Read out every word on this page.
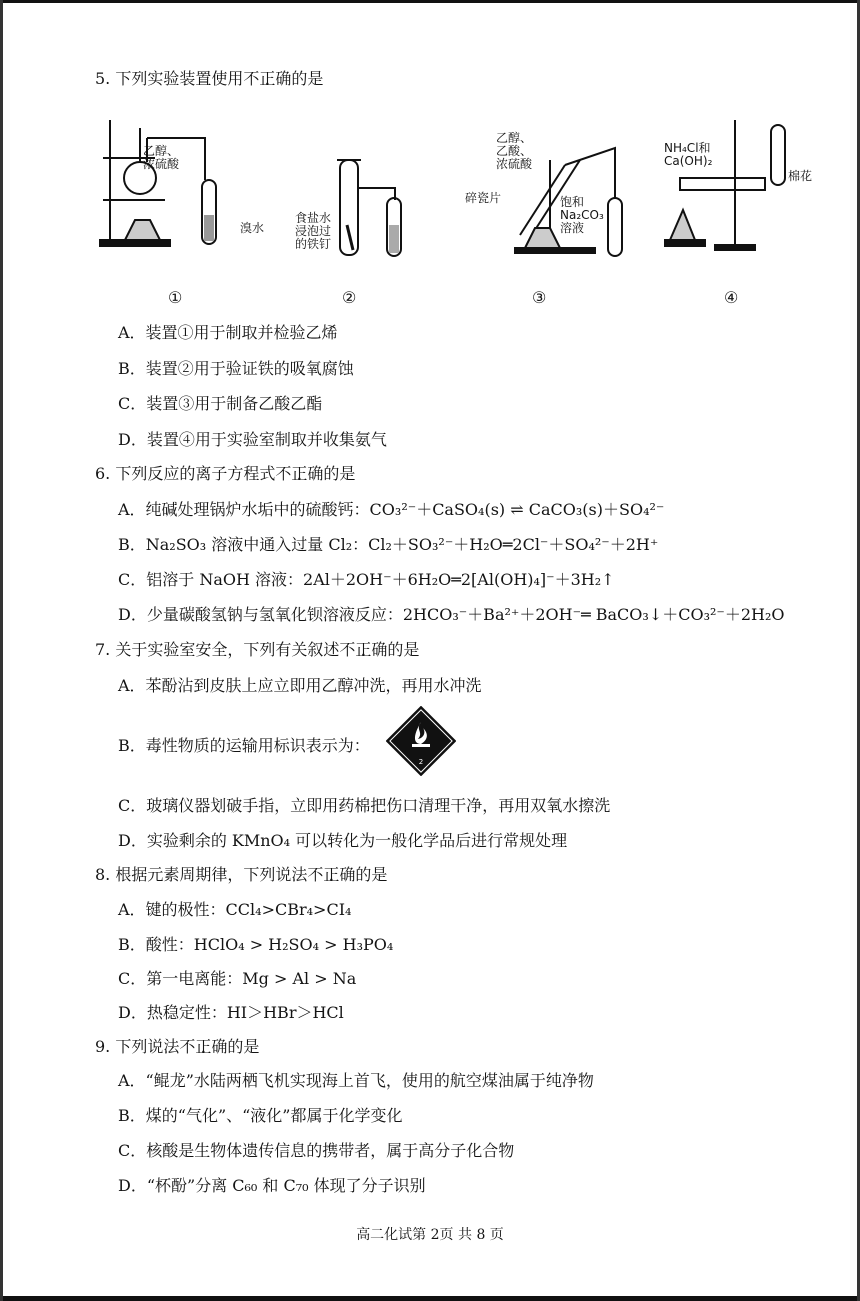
5. 下列实验装置使用不正确的是
乙醇、
浓硫酸
溴水
食盐水
浸泡过
的铁钉
乙醇、
乙酸、
浓硫酸
碎瓷片	饱和
Na₂CO₃
溶液
NH₄Cl和
Ca(OH)₂
棉花
①	②	③	④
A．装置①用于制取并检验乙烯
B．装置②用于验证铁的吸氧腐蚀
C．装置③用于制备乙酸乙酯
D．装置④用于实验室制取并收集氨气
6. 下列反应的离子方程式不正确的是
A．纯碱处理锅炉水垢中的硫酸钙：CO₃²⁻＋CaSO₄(s) ⇌ CaCO₃(s)＋SO₄²⁻
B．Na₂SO₃ 溶液中通入过量 Cl₂：Cl₂＋SO₃²⁻＋H₂O═2Cl⁻＋SO₄²⁻＋2H⁺
C．铝溶于 NaOH 溶液：2Al＋2OH⁻＋6H₂O═2[Al(OH)₄]⁻＋3H₂↑
D．少量碳酸氢钠与氢氧化钡溶液反应：2HCO₃⁻＋Ba²⁺＋2OH⁻═ BaCO₃↓＋CO₃²⁻＋2H₂O
7. 关于实验室安全，下列有关叙述不正确的是
A．苯酚沾到皮肤上应立即用乙醇冲洗，再用水冲洗
B．毒性物质的运输用标识表示为：
2
C．玻璃仪器划破手指，立即用药棉把伤口清理干净，再用双氧水擦洗
D．实验剩余的 KMnO₄ 可以转化为一般化学品后进行常规处理
8. 根据元素周期律，下列说法不正确的是
A．键的极性：CCl₄>CBr₄>CI₄
B．酸性：HClO₄ > H₂SO₄ > H₃PO₄
C．第一电离能：Mg > Al > Na
D．热稳定性：HI＞HBr＞HCl
9. 下列说法不正确的是
A．“鲲龙”水陆两栖飞机实现海上首飞，使用的航空煤油属于纯净物
B．煤的“气化”、“液化”都属于化学变化
C．核酸是生物体遗传信息的携带者，属于高分子化合物
D．“杯酚”分离 C₆₀ 和 C₇₀ 体现了分子识别
高二化试第 2页 共 8 页
